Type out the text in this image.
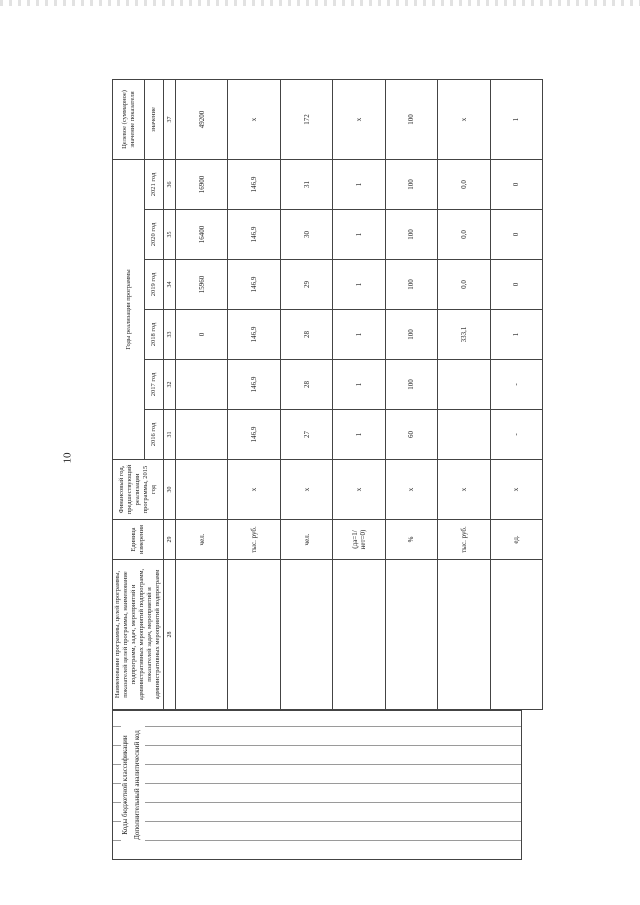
10
Коды бюджетной классификации Дополнительный аналитический код
Наименование программы, целей программы, показателей целей программы, наименование подпрограмм, задач, мероприятий и административных мероприятий подпрограмм, показателей задач, мероприятий и административных мероприятий подпрограмм	Единица измерения	Финансовый год, предшествующий реализации программы, 2015 год	Годы реализации программы						Целевое (суммарное) значение показателя
			2016 год	2017 год	2018 год	2019 год	2020 год	2021 год	значение
28	29	30	31	32	33	34	35	36	37
	чел.				0	15960	16400	16900	49200
	тыс. руб.	х	146,9	146,9	146,9	146,9	146,9	146,9	х
	чел.	х	27	28	28	29	30	31	172
	(да=1/нет=0)	х	1	1	1	1	1	1	х
	%	х	60	100	100	100	100	100	100
	тыс. руб.	х			333,1	0,0	0,0	0,0	х
	ед.	х	-	-	1	0	0	0	1
